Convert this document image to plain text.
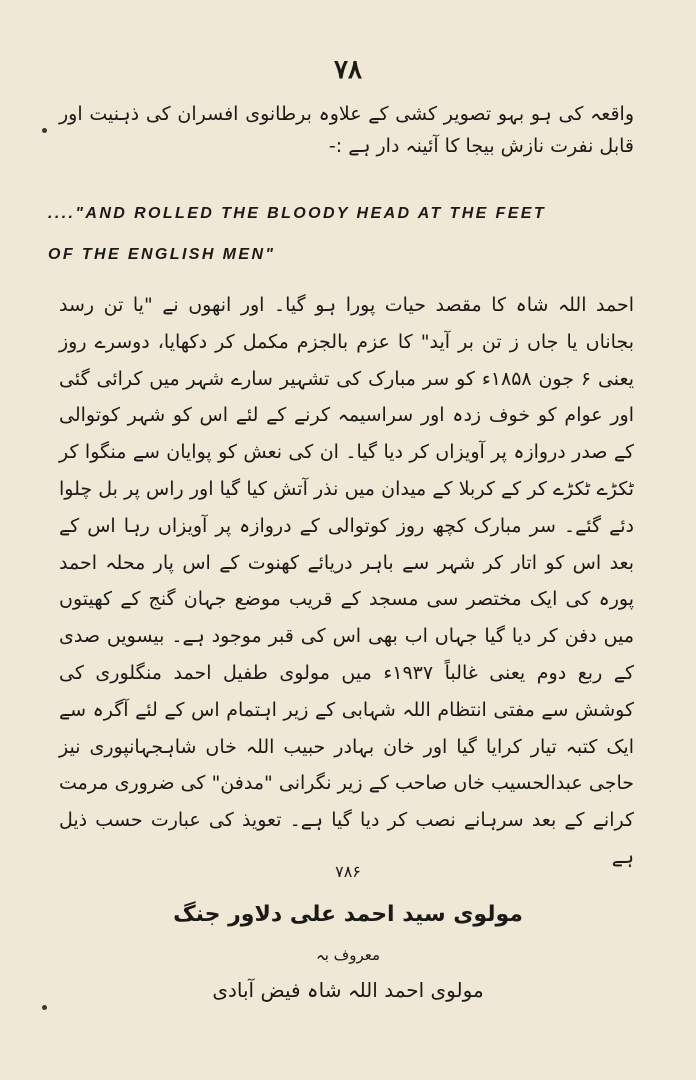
۷۸

واقعہ کی ہو بہو تصویر کشی کے علاوہ برطانوی افسران کی ذہنیت اور قابل نفرت نازش بیجا کا آئینہ دار ہے :-

...."AND ROLLED THE BLOODY HEAD AT THE FEET

OF THE ENGLISH MEN"

احمد اللہ شاہ کا مقصد حیات پورا ہو گیا۔ اور انھوں نے "یا تن رسد بجاناں یا جاں ز تن بر آید" کا عزم بالجزم مکمل کر دکھایا، دوسرے روز یعنی ۶ جون ۱۸۵۸ء کو سر مبارک کی تشہیر سارے شہر میں کرائی گئی اور عوام کو خوف زدہ اور سراسیمہ کرنے کے لئے اس کو شہر کوتوالی کے صدر دروازہ پر آویزاں کر دیا گیا۔ ان کی نعش کو پوایان سے منگوا کر ٹکڑے ٹکڑے کر کے کربلا کے میدان میں نذر آتش کیا گیا اور راس پر بل چلوا دئے گئے۔ سر مبارک کچھ روز کوتوالی کے دروازہ پر آویزاں رہا اس کے بعد اس کو اتار کر شہر سے باہر دریائے کھنوت کے اس پار محلہ احمد پورہ کی ایک مختصر سی مسجد کے قریب موضع جہان گنج کے کھیتوں میں دفن کر دیا گیا جہاں اب بھی اس کی قبر موجود ہے۔ بیسویں صدی کے ربع دوم یعنی غالباً ۱۹۳۷ء میں مولوی طفیل احمد منگلوری کی کوشش سے مفتی انتظام اللہ شہابی کے زیر اہتمام اس کے لئے آگرہ سے ایک کتبہ تیار کرایا گیا اور خان بہادر حبیب اللہ خاں شاہجہانپوری نیز حاجی عبدالحسیب خاں صاحب کے زیر نگرانی "مدفن" کی ضروری مرمت کرانے کے بعد سرہانے نصب کر دیا گیا ہے۔ تعویذ کی عبارت حسب ذیل ہے

۷۸۶
مولوی سید احمد علی دلاور جنگ
معروف بہ
مولوی احمد اللہ شاہ فیض آبادی
